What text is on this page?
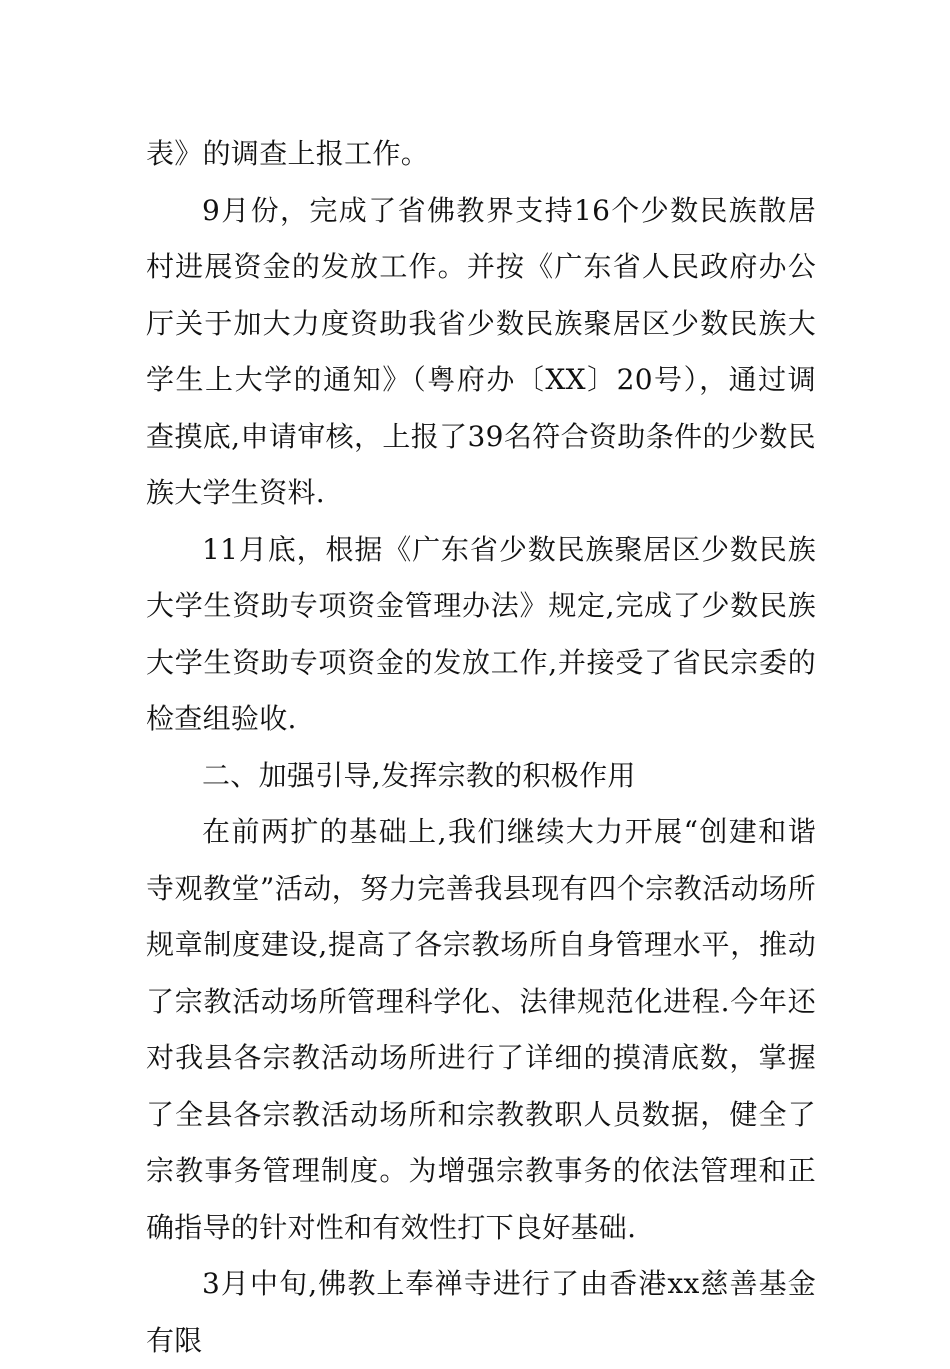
表》的调查上报工作。

9月份，完成了省佛教界支持16个少数民族散居村进展资金的发放工作。并按《广东省人民政府办公厅关于加大力度资助我省少数民族聚居区少数民族大学生上大学的通知》（粤府办〔XX〕20号），通过调查摸底,申请审核，上报了39名符合资助条件的少数民族大学生资料.

11月底，根据《广东省少数民族聚居区少数民族大学生资助专项资金管理办法》规定,完成了少数民族大学生资助专项资金的发放工作,并接受了省民宗委的检查组验收.

二、加强引导,发挥宗教的积极作用

在前两扩的基础上,我们继续大力开展“创建和谐寺观教堂”活动，努力完善我县现有四个宗教活动场所规章制度建设,提高了各宗教场所自身管理水平，推动了宗教活动场所管理科学化、法律规范化进程.今年还对我县各宗教活动场所进行了详细的摸清底数，掌握了全县各宗教活动场所和宗教教职人员数据，健全了宗教事务管理制度。为增强宗教事务的依法管理和正确指导的针对性和有效性打下良好基础.

3月中旬,佛教上奉禅寺进行了由香港xx慈善基金有限
